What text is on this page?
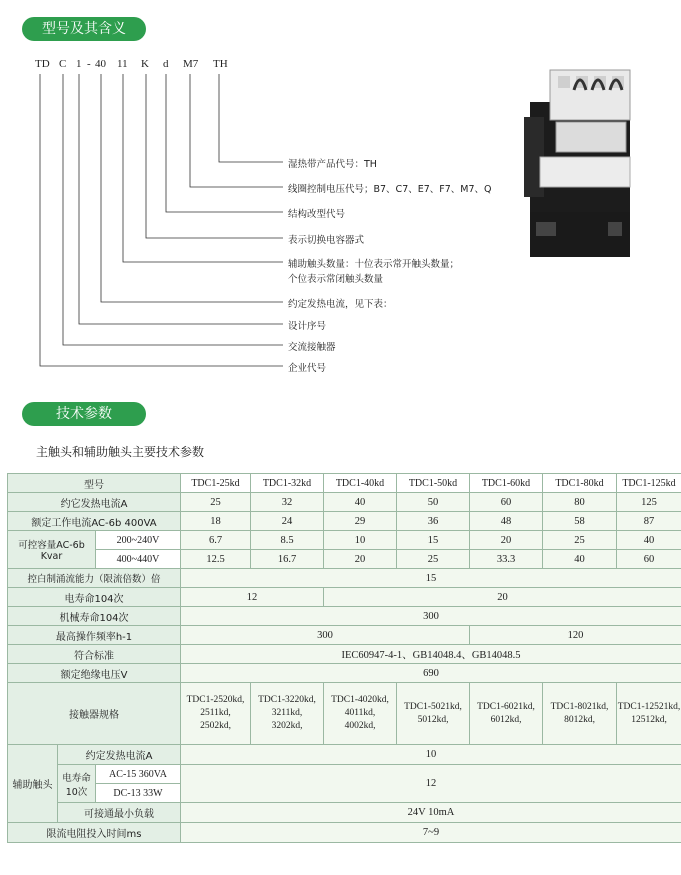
型号及其含义
TD C 1 - 40 11 K d M7 TH
湿热带产品代号：TH
线圈控制电压代号；B7、C7、E7、F7、M7、Q
结构改型代号
表示切换电容器式
辅助触头数量：十位表示常开触头数量；
个位表示常闭触头数量
约定发热电流，见下表：
设计序号
交流接触器
企业代号
技术参数
主触头和辅助触头主要技术参数
型号			TDC1-25kd	TDC1-32kd	TDC1-40kd	TDC1-50kd	TDC1-60kd	TDC1-80kd	TDC1-125kd
约它发热电流A			25	32	40	50	60	80	125
额定工作电流AC-6b 400VA			18	24	29	36	48	58	87
可控容量AC-6b Kvar		200~240V	6.7	8.5	10	15	20	25	40
		400~440V	12.5	16.7	20	25	33.3	40	60
控白制涌流能力（限流倍数）倍			15						
电寿命104次			12		20				
机械寿命104次			300						
最高操作频率h-1			300				120		
符合标准			IEC60947-4-1、GB14048.4、GB14048.5						
额定绝缘电压V			690						
接触器规格			TDC1-2520kd,
2511kd,
2502kd,	TDC1-3220kd,
3211kd,
3202kd,	TDC1-4020kd,
4011kd,
4002kd,	TDC1-5021kd,
5012kd,	TDC1-6021kd,
6012kd,	TDC1-8021kd,
8012kd,	TDC1-12521kd,
12512kd,
辅助触头	约定发热电流A		10						
	电寿命 10次	AC-15 360VA	12						
		DC-13 33W							
	可接通最小负载		24V 10mA						
限流电阻投入时间ms			7~9						
